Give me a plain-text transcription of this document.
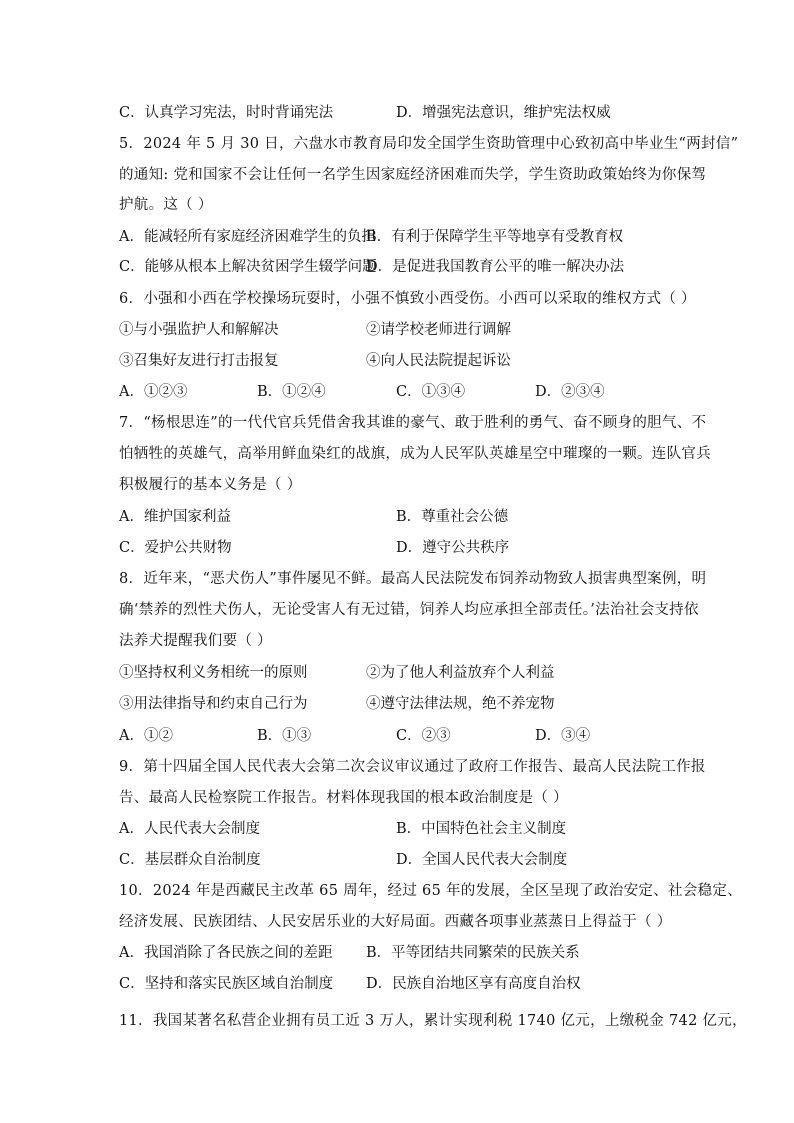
C．认真学习宪法，时时背诵宪法	D．增强宪法意识，维护宪法权威
5．2024 年 5 月 30 日，六盘水市教育局印发全国学生资助管理中心致初高中毕业生“两封信”
的通知: 党和国家不会让任何一名学生因家庭经济困难而失学，学生资助政策始终为你保驾
护航。这（ ）
A．能减轻所有家庭经济困难学生的负担
B．有利于保障学生平等地享有受教育权
C．能够从根本上解决贫困学生辍学问题
D．是促进我国教育公平的唯一解决办法
6．小强和小西在学校操场玩耍时，小强不慎致小西受伤。小西可以采取的维权方式（ ）
①与小强监护人和解解决	②请学校老师进行调解
③召集好友进行打击报复	④向人民法院提起诉讼
A．①②③	B．①②④	C．①③④	D．②③④
7．“杨根思连”的一代代官兵凭借舍我其谁的豪气、敢于胜利的勇气、奋不顾身的胆气、不
怕牺牲的英雄气，高举用鲜血染红的战旗，成为人民军队英雄星空中璀璨的一颗。连队官兵
积极履行的基本义务是（ ）
A．维护国家利益	B．尊重社会公德
C．爱护公共财物	D．遵守公共秩序
8．近年来，“恶犬伤人”事件屡见不鲜。最高人民法院发布饲养动物致人损害典型案例，明
确‘禁养的烈性犬伤人，无论受害人有无过错，饲养人均应承担全部责任。’法治社会支持依
法养犬提醒我们要（ ）
①坚持权利义务相统一的原则	②为了他人利益放弃个人利益
③用法律指导和约束自己行为	④遵守法律法规，绝不养宠物
A．①②	B．①③	C．②③	D．③④
9．第十四届全国人民代表大会第二次会议审议通过了政府工作报告、最高人民法院工作报
告、最高人民检察院工作报告。材料体现我国的根本政治制度是（ ）
A．人民代表大会制度	B．中国特色社会主义制度
C．基层群众自治制度	D．全国人民代表大会制度
10．2024 年是西藏民主改革 65 周年，经过 65 年的发展，全区呈现了政治安定、社会稳定、
经济发展、民族团结、人民安居乐业的大好局面。西藏各项事业蒸蒸日上得益于（ ）
A．我国消除了各民族之间的差距 B．平等团结共同繁荣的民族关系
C．坚持和落实民族区域自治制度 D．民族自治地区享有高度自治权
11．我国某著名私营企业拥有员工近 3 万人，累计实现利税 1740 亿元，上缴税金 742 亿元，
